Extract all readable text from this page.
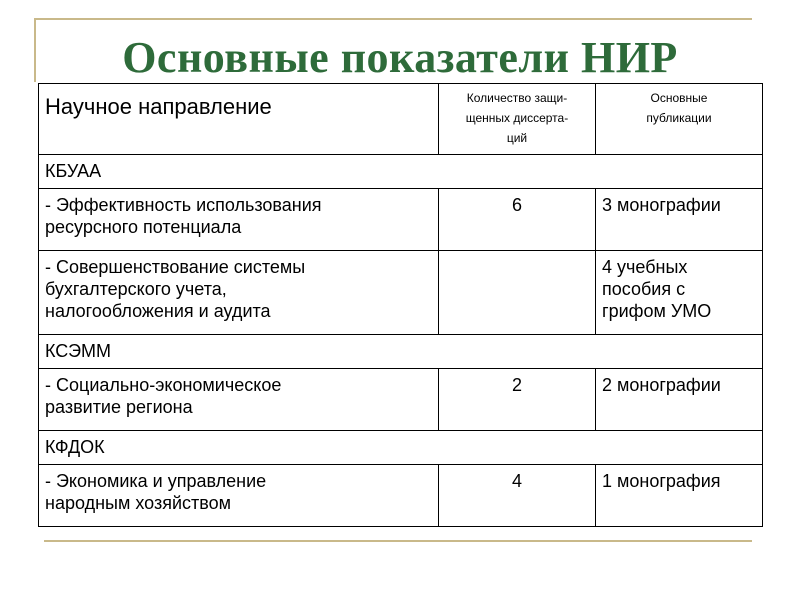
Основные показатели НИР
Научное направление	Количество защи-
щенных диссерта-
ций	Основные
публикации

КБУАА		

- Эффективность использования
ресурсного потенциала	6	3 монографии

- Совершенствование системы
бухгалтерского учета,
налогообложения и аудита		4 учебных
пособия с
грифом УМО

КСЭММ		

- Социально-экономическое
развитие региона	2	2 монографии

КФДОК		

- Экономика и управление
народным хозяйством	4	1 монография
